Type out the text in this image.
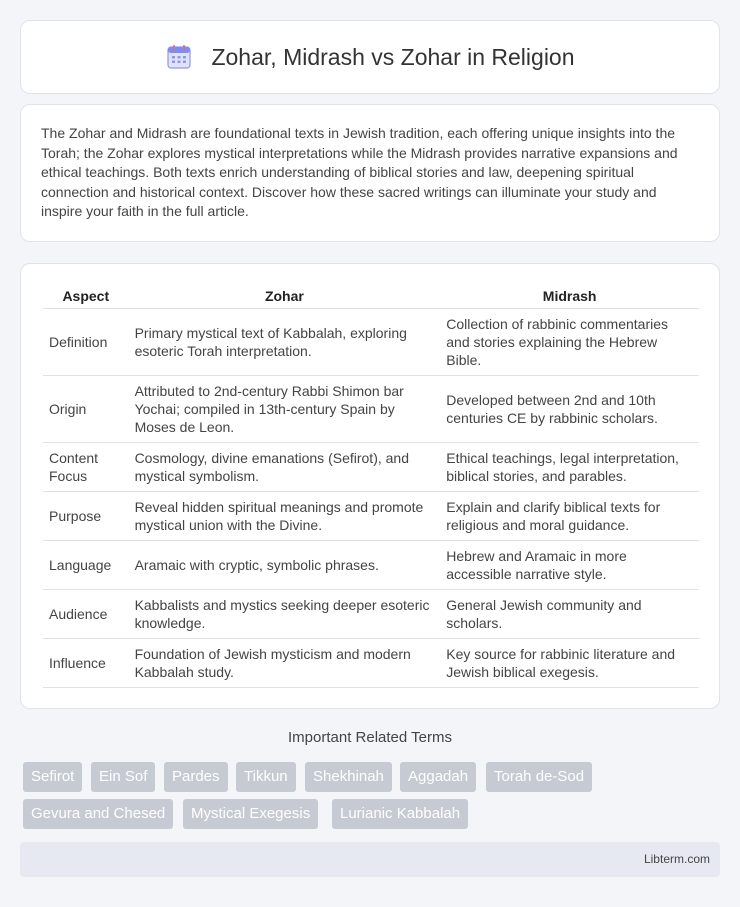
Zohar, Midrash vs Zohar in Religion

The Zohar and Midrash are foundational texts in Jewish tradition, each offering unique insights into the Torah; the Zohar explores mystical interpretations while the Midrash provides narrative expansions and ethical teachings. Both texts enrich understanding of biblical stories and law, deepening spiritual connection and historical context. Discover how these sacred writings can illuminate your study and inspire your faith in the full article.

Aspect	Zohar	Midrash
Definition	Primary mystical text of Kabbalah, exploring esoteric Torah interpretation.	Collection of rabbinic commentaries and stories explaining the Hebrew Bible.
Origin	Attributed to 2nd-century Rabbi Shimon bar Yochai; compiled in 13th-century Spain by Moses de Leon.	Developed between 2nd and 10th centuries CE by rabbinic scholars.
Content Focus	Cosmology, divine emanations (Sefirot), and mystical symbolism.	Ethical teachings, legal interpretation, biblical stories, and parables.
Purpose	Reveal hidden spiritual meanings and promote mystical union with the Divine.	Explain and clarify biblical texts for religious and moral guidance.
Language	Aramaic with cryptic, symbolic phrases.	Hebrew and Aramaic in more accessible narrative style.
Audience	Kabbalists and mystics seeking deeper esoteric knowledge.	General Jewish community and scholars.
Influence	Foundation of Jewish mysticism and modern Kabbalah study.	Key source for rabbinic literature and Jewish biblical exegesis.
Important Related Terms
Sefirot	Ein Sof	Pardes	Tikkun	Shekhinah	Aggadah	Torah de-Sod
Gevura and Chesed	Mystical Exegesis	Lurianic Kabbalah
Libterm.com
